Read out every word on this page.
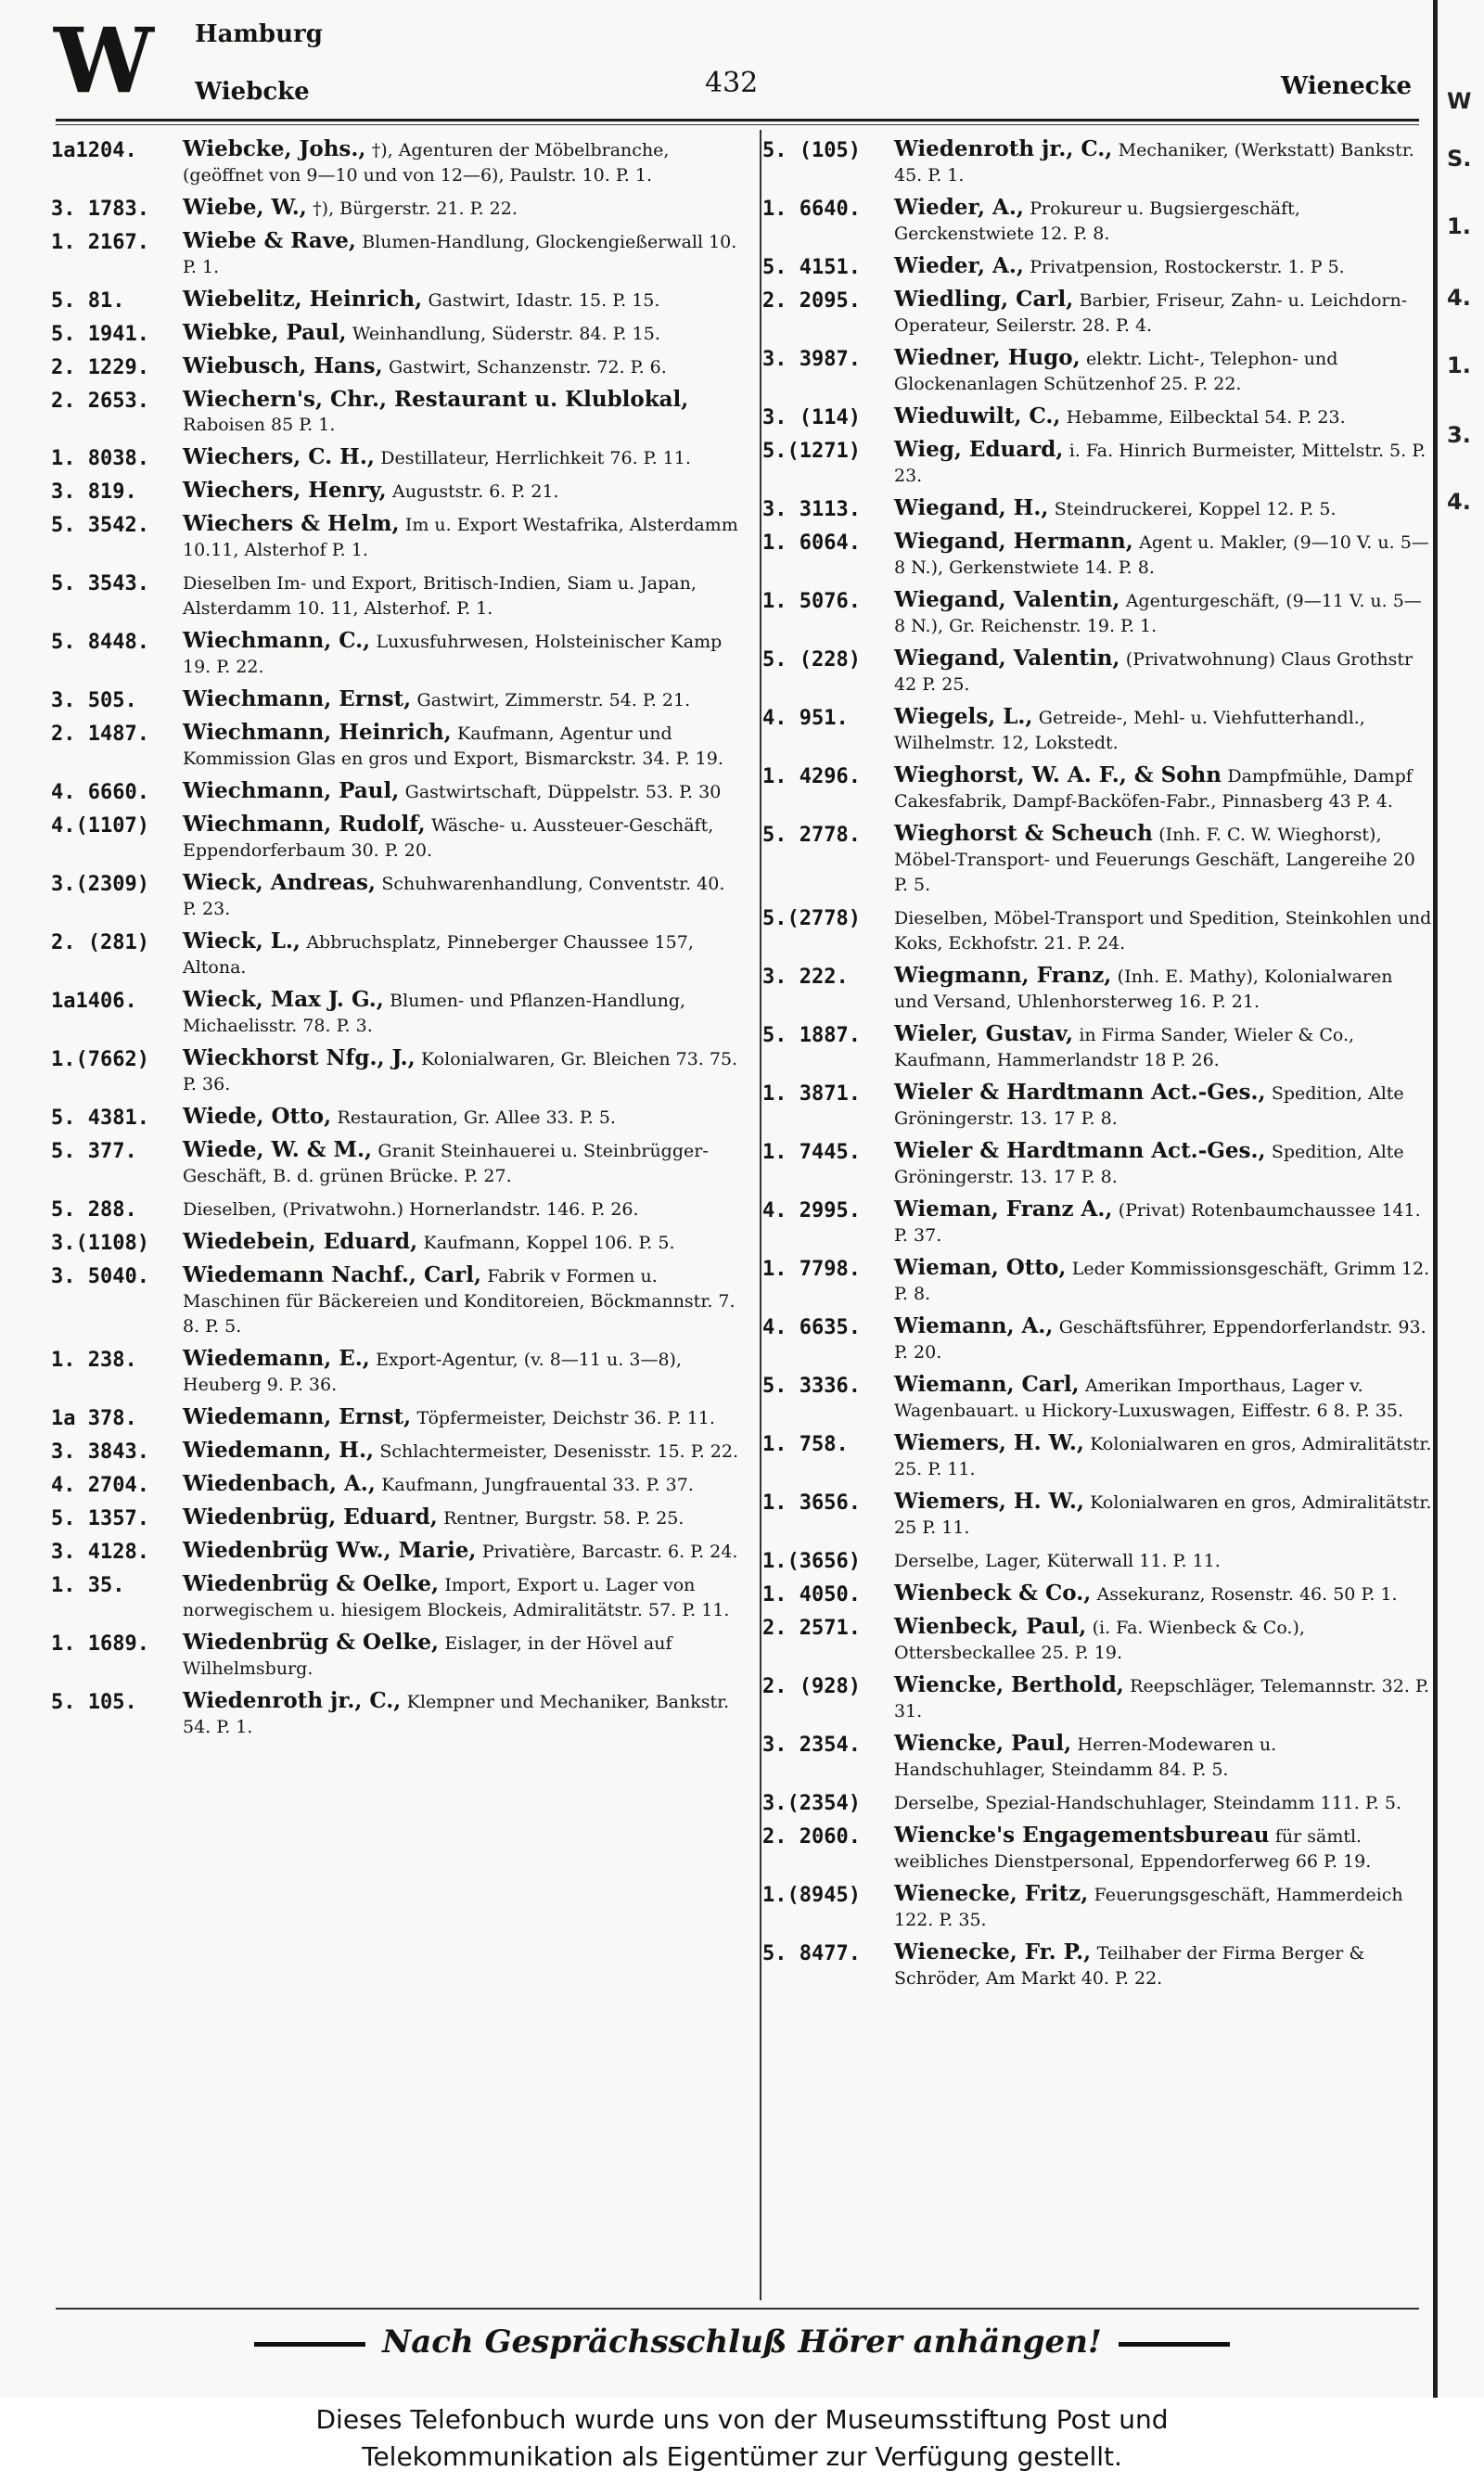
W Hamburg
Wiebcke	432	Wienecke
1a1204.	Wiebcke, Johs., †), Agenturen der Möbelbranche, (geöffnet von 9—10 und von 12—6), Paulstr. 10. P. 1.
3. 1783.	Wiebe, W., †), Bürgerstr. 21. P. 22.
1. 2167.	Wiebe & Rave, Blumen-Handlung, Glockengießerwall 10. P. 1.
5. 81.	Wiebelitz, Heinrich, Gastwirt, Idastr. 15. P. 15.
5. 1941.	Wiebke, Paul, Weinhandlung, Süderstr. 84. P. 15.
2. 1229.	Wiebusch, Hans, Gastwirt, Schanzenstr. 72. P. 6.
2. 2653.	Wiechern's, Chr., Restaurant u. Klublokal, Raboisen 85 P. 1.
1. 8038.	Wiechers, C. H., Destillateur, Herrlichkeit 76. P. 11.
3. 819.	Wiechers, Henry, Auguststr. 6. P. 21.
5. 3542.	Wiechers & Helm, Im u. Export Westafrika, Alsterdamm 10.11, Alsterhof P. 1.
5. 3543.	Dieselben Im- und Export, Britisch-Indien, Siam u. Japan, Alsterdamm 10. 11, Alsterhof. P. 1.
5. 8448.	Wiechmann, C., Luxusfuhrwesen, Holsteinischer Kamp 19. P. 22.
3. 505.	Wiechmann, Ernst, Gastwirt, Zimmerstr. 54. P. 21.
2. 1487.	Wiechmann, Heinrich, Kaufmann, Agentur und Kommission Glas en gros und Export, Bismarckstr. 34. P. 19.
4. 6660.	Wiechmann, Paul, Gastwirtschaft, Düppelstr. 53. P. 30
4.(1107)	Wiechmann, Rudolf, Wäsche- u. Aussteuer-Geschäft, Eppendorferbaum 30. P. 20.
3.(2309)	Wieck, Andreas, Schuhwarenhandlung, Conventstr. 40. P. 23.
2. (281)	Wieck, L., Abbruchsplatz, Pinneberger Chaussee 157, Altona.
1a1406.	Wieck, Max J. G., Blumen- und Pflanzen-Handlung, Michaelisstr. 78. P. 3.
1.(7662)	Wieckhorst Nfg., J., Kolonialwaren, Gr. Bleichen 73. 75. P. 36.
5. 4381.	Wiede, Otto, Restauration, Gr. Allee 33. P. 5.
5. 377.	Wiede, W. & M., Granit Steinhauerei u. Steinbrügger-Geschäft, B. d. grünen Brücke. P. 27.
5. 288.	Dieselben, (Privatwohn.) Hornerlandstr. 146. P. 26.
3.(1108)	Wiedebein, Eduard, Kaufmann, Koppel 106. P. 5.
3. 5040.	Wiedemann Nachf., Carl, Fabrik v Formen u. Maschinen für Bäckereien und Konditoreien, Böckmannstr. 7. 8. P. 5.
1. 238.	Wiedemann, E., Export-Agentur, (v. 8—11 u. 3—8), Heuberg 9. P. 36.
1a 378.	Wiedemann, Ernst, Töpfermeister, Deichstr 36. P. 11.
3. 3843.	Wiedemann, H., Schlachtermeister, Desenisstr. 15. P. 22.
4. 2704.	Wiedenbach, A., Kaufmann, Jungfrauental 33. P. 37.
5. 1357.	Wiedenbrüg, Eduard, Rentner, Burgstr. 58. P. 25.
3. 4128.	Wiedenbrüg Ww., Marie, Privatière, Barcastr. 6. P. 24.
1. 35.	Wiedenbrüg & Oelke, Import, Export u. Lager von norwegischem u. hiesigem Blockeis, Admiralitätstr. 57. P. 11.
1. 1689.	Wiedenbrüg & Oelke, Eislager, in der Hövel auf Wilhelmsburg.
5. 105.	Wiedenroth jr., C., Klempner und Mechaniker, Bankstr. 54. P. 1.
5. (105)	Wiedenroth jr., C., Mechaniker, (Werkstatt) Bankstr. 45. P. 1.
1. 6640.	Wieder, A., Prokureur u. Bugsiergeschäft, Gerckenstwiete 12. P. 8.
5. 4151.	Wieder, A., Privatpension, Rostockerstr. 1. P 5.
2. 2095.	Wiedling, Carl, Barbier, Friseur, Zahn- u. Leichdorn-Operateur, Seilerstr. 28. P. 4.
3. 3987.	Wiedner, Hugo, elektr. Licht-, Telephon- und Glockenanlagen Schützenhof 25. P. 22.
3. (114)	Wieduwilt, C., Hebamme, Eilbecktal 54. P. 23.
5.(1271)	Wieg, Eduard, i. Fa. Hinrich Burmeister, Mittelstr. 5. P. 23.
3. 3113.	Wiegand, H., Steindruckerei, Koppel 12. P. 5.
1. 6064.	Wiegand, Hermann, Agent u. Makler, (9—10 V. u. 5—8 N.), Gerkenstwiete 14. P. 8.
1. 5076.	Wiegand, Valentin, Agenturgeschäft, (9—11 V. u. 5—8 N.), Gr. Reichenstr. 19. P. 1.
5. (228)	Wiegand, Valentin, (Privatwohnung) Claus Grothstr 42 P. 25.
4. 951.	Wiegels, L., Getreide-, Mehl- u. Viehfutterhandl., Wilhelmstr. 12, Lokstedt.
1. 4296.	Wieghorst, W. A. F., & Sohn Dampfmühle, Dampf Cakesfabrik, Dampf-Backöfen-Fabr., Pinnasberg 43 P. 4.
5. 2778.	Wieghorst & Scheuch (Inh. F. C. W. Wieghorst), Möbel-Transport- und Feuerungs Geschäft, Langereihe 20 P. 5.
5.(2778)	Dieselben, Möbel-Transport und Spedition, Steinkohlen und Koks, Eckhofstr. 21. P. 24.
3. 222.	Wiegmann, Franz, (Inh. E. Mathy), Kolonialwaren und Versand, Uhlenhorsterweg 16. P. 21.
5. 1887.	Wieler, Gustav, in Firma Sander, Wieler & Co., Kaufmann, Hammerlandstr 18 P. 26.
1. 3871.	Wieler & Hardtmann Act.-Ges., Spedition, Alte Gröningerstr. 13. 17 P. 8.
1. 7445.	Wieler & Hardtmann Act.-Ges., Spedition, Alte Gröningerstr. 13. 17 P. 8.
4. 2995.	Wieman, Franz A., (Privat) Rotenbaumchaussee 141. P. 37.
1. 7798.	Wieman, Otto, Leder Kommissionsgeschäft, Grimm 12. P. 8.
4. 6635.	Wiemann, A., Geschäftsführer, Eppendorferlandstr. 93. P. 20.
5. 3336.	Wiemann, Carl, Amerikan Importhaus, Lager v. Wagenbauart. u Hickory-Luxuswagen, Eiffestr. 6 8. P. 35.
1. 758.	Wiemers, H. W., Kolonialwaren en gros, Admiralitätstr. 25. P. 11.
1. 3656.	Wiemers, H. W., Kolonialwaren en gros, Admiralitätstr. 25 P. 11.
1.(3656)	Derselbe, Lager, Küterwall 11. P. 11.
1. 4050.	Wienbeck & Co., Assekuranz, Rosenstr. 46. 50 P. 1.
2. 2571.	Wienbeck, Paul, (i. Fa. Wienbeck & Co.), Ottersbeckallee 25. P. 19.
2. (928)	Wiencke, Berthold, Reepschläger, Telemannstr. 32. P. 31.
3. 2354.	Wiencke, Paul, Herren-Modewaren u. Handschuhlager, Steindamm 84. P. 5.
3.(2354)	Derselbe, Spezial-Handschuhlager, Steindamm 111. P. 5.
2. 2060.	Wiencke's Engagementsbureau für sämtl. weibliches Dienstpersonal, Eppendorferweg 66 P. 19.
1.(8945)	Wienecke, Fritz, Feuerungsgeschäft, Hammerdeich 122. P. 35.
5. 8477.	Wienecke, Fr. P., Teilhaber der Firma Berger & Schröder, Am Markt 40. P. 22.
W
S.
1.
4.
1.
3.
4.
Nach Gesprächsschluß Hörer anhängen!
Dieses Telefonbuch wurde uns von der Museumsstiftung Post und
Telekommunikation als Eigentümer zur Verfügung gestellt.
